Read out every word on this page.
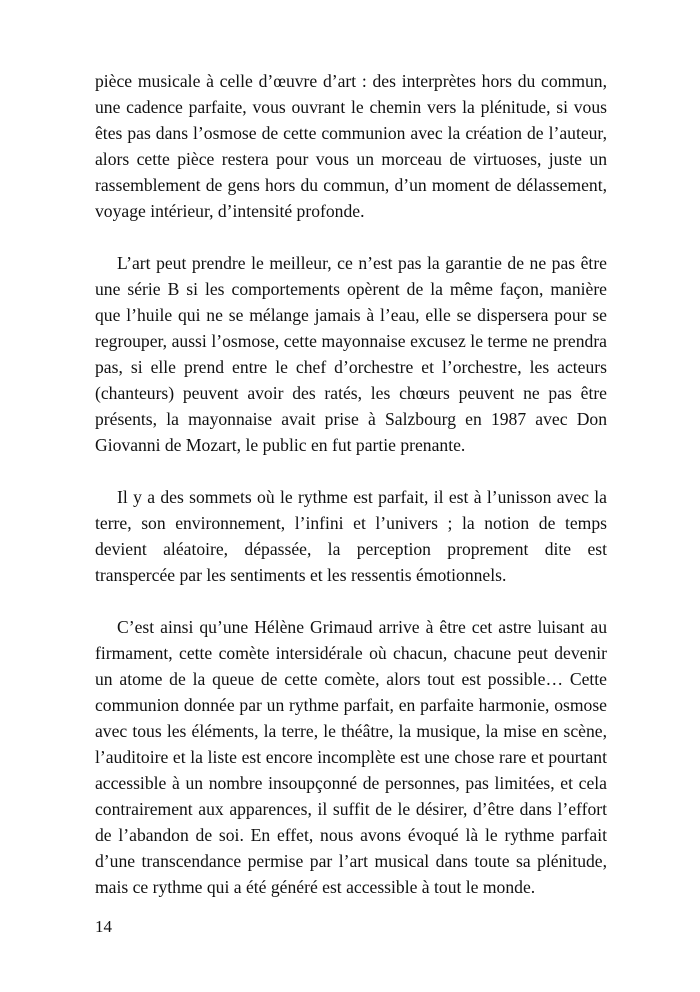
pièce musicale à celle d’œuvre d’art : des interprètes hors du commun, une cadence parfaite, vous ouvrant le chemin vers la plénitude, si vous êtes pas dans l’osmose de cette communion avec la création de l’auteur, alors cette pièce restera pour vous un morceau de virtuoses, juste un rassemblement de gens hors du commun, d’un moment de délassement, voyage intérieur, d’intensité profonde.

L’art peut prendre le meilleur, ce n’est pas la garantie de ne pas être une série B si les comportements opèrent de la même façon, manière que l’huile qui ne se mélange jamais à l’eau, elle se dispersera pour se regrouper, aussi l’osmose, cette mayonnaise excusez le terme ne prendra pas, si elle prend entre le chef d’orchestre et l’orchestre, les acteurs (chanteurs) peuvent avoir des ratés, les chœurs peuvent ne pas être présents, la mayonnaise avait prise à Salzbourg en 1987 avec Don Giovanni de Mozart, le public en fut partie prenante.

Il y a des sommets où le rythme est parfait, il est à l’unisson avec la terre, son environnement, l’infini et l’univers ; la notion de temps devient aléatoire, dépassée, la perception proprement dite est transpercée par les sentiments et les ressentis émotionnels.

C’est ainsi qu’une Hélène Grimaud arrive à être cet astre luisant au firmament, cette comète intersidérale où chacun, chacune peut devenir un atome de la queue de cette comète, alors tout est possible… Cette communion donnée par un rythme parfait, en parfaite harmonie, osmose avec tous les éléments, la terre, le théâtre, la musique, la mise en scène, l’auditoire et la liste est encore incomplète est une chose rare et pourtant accessible à un nombre insoupçonné de personnes, pas limitées, et cela contrairement aux apparences, il suffit de le désirer, d’être dans l’effort de l’abandon de soi. En effet, nous avons évoqué là le rythme parfait d’une transcendance permise par l’art musical dans toute sa plénitude, mais ce rythme qui a été généré est accessible à tout le monde.

14
